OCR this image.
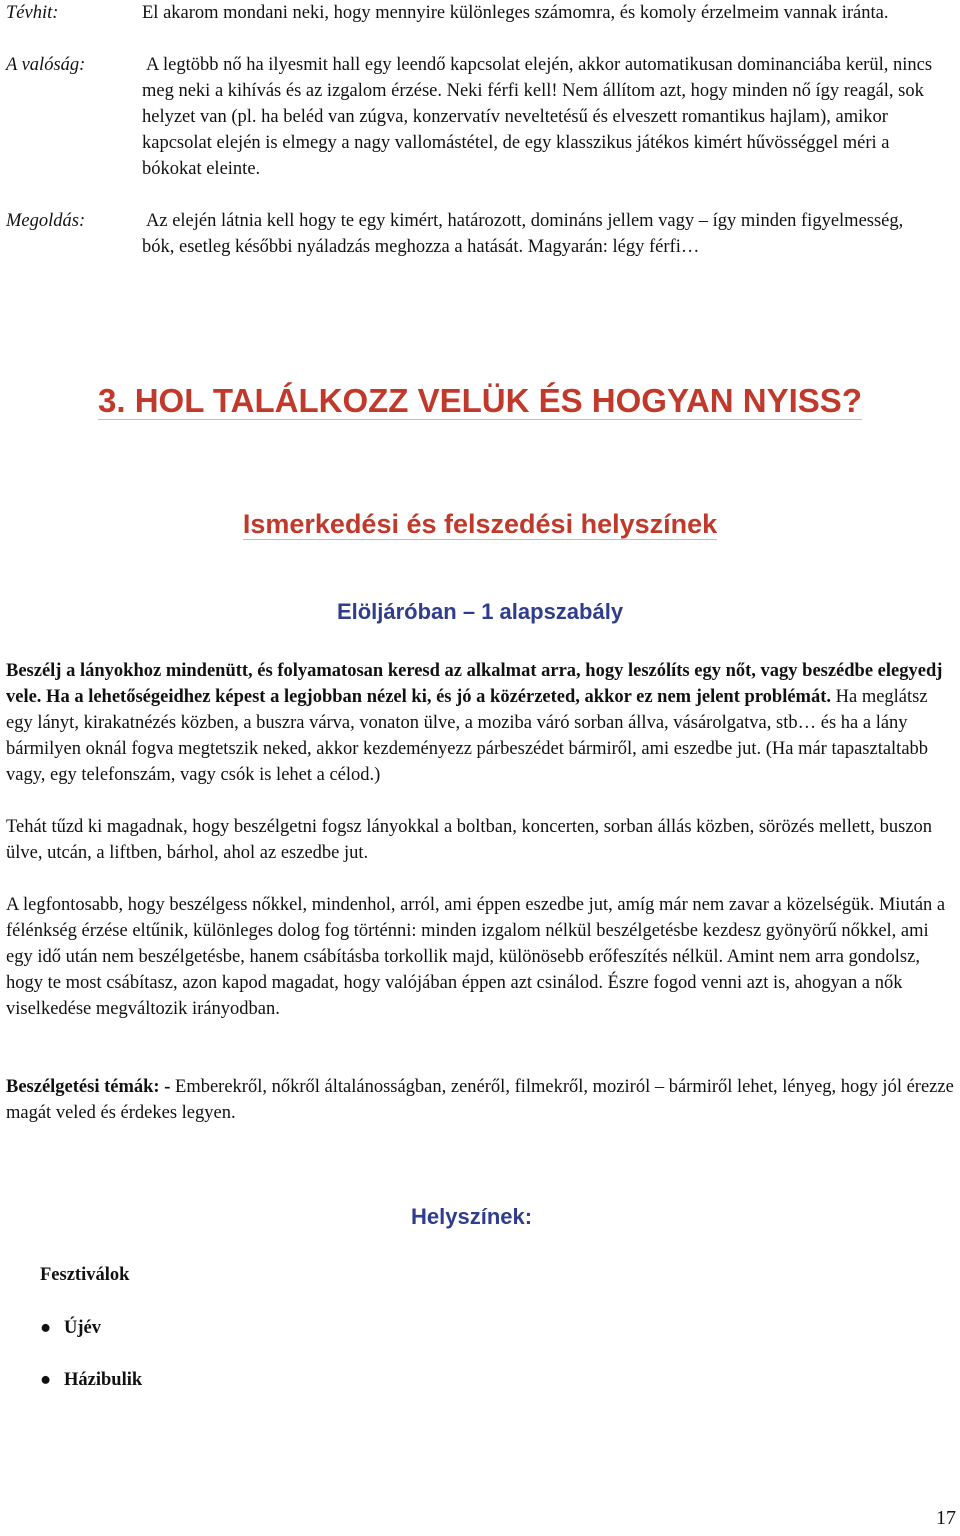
Tévhit:	El akarom mondani neki, hogy mennyire különleges számomra, és komoly érzelmeim vannak iránta.
A valóság:	A legtöbb nő ha ilyesmit hall egy leendő kapcsolat elején, akkor automatikusan dominanciába kerül, nincs meg neki a kihívás és az izgalom érzése. Neki férfi kell! Nem állítom azt, hogy minden nő így reagál, sok helyzet van (pl. ha beléd van zúgva, konzervatív neveltetésű és elveszett romantikus hajlam), amikor kapcsolat elején is elmegy a nagy vallomástétel, de egy klasszikus játékos kimért hűvösséggel méri a bókokat eleinte.
Megoldás:	Az elején látnia kell hogy te egy kimért, határozott, domináns jellem vagy – így minden figyelmesség, bók, esetleg későbbi nyáladzás meghozza a hatását. Magyarán: légy férfi…
3. HOL TALÁLKOZZ VELÜK ÉS HOGYAN NYISS?
Ismerkedési és felszedési helyszínek
Elöljáróban – 1 alapszabály
Beszélj a lányokhoz mindenütt, és folyamatosan keresd az alkalmat arra, hogy leszólíts egy nőt, vagy beszédbe elegyedj vele. Ha a lehetőségeidhez képest a legjobban nézel ki, és jó a közérzeted, akkor ez nem jelent problémát. Ha meglátsz egy lányt, kirakatnézés közben, a buszra várva, vonaton ülve, a moziba váró sorban állva, vásárolgatva, stb… és ha a lány bármilyen oknál fogva megtetszik neked, akkor kezdeményezz párbeszédet bármiről, ami eszedbe jut. (Ha már tapasztaltabb vagy, egy telefonszám, vagy csók is lehet a célod.)
Tehát tűzd ki magadnak, hogy beszélgetni fogsz lányokkal a boltban, koncerten, sorban állás közben, sörözés mellett, buszon ülve, utcán, a liftben, bárhol, ahol az eszedbe jut.
A legfontosabb, hogy beszélgess nőkkel, mindenhol, arról, ami éppen eszedbe jut, amíg már nem zavar a közelségük. Miután a félénkség érzése eltűnik, különleges dolog fog történni: minden izgalom nélkül beszélgetésbe kezdesz gyönyörű nőkkel, ami egy idő után nem beszélgetésbe, hanem csábításba torkollik majd, különösebb erőfeszítés nélkül. Amint nem arra gondolsz, hogy te most csábítasz, azon kapod magadat, hogy valójában éppen azt csinálod. Észre fogod venni azt is, ahogyan a nők viselkedése megváltozik irányodban.
Beszélgetési témák: - Emberekről, nőkről általánosságban, zenéről, filmekről, moziról – bármiről lehet, lényeg, hogy jól érezze magát veled és érdekes legyen.
Helyszínek:
Fesztiválok
● Újév
● Házibulik
17
